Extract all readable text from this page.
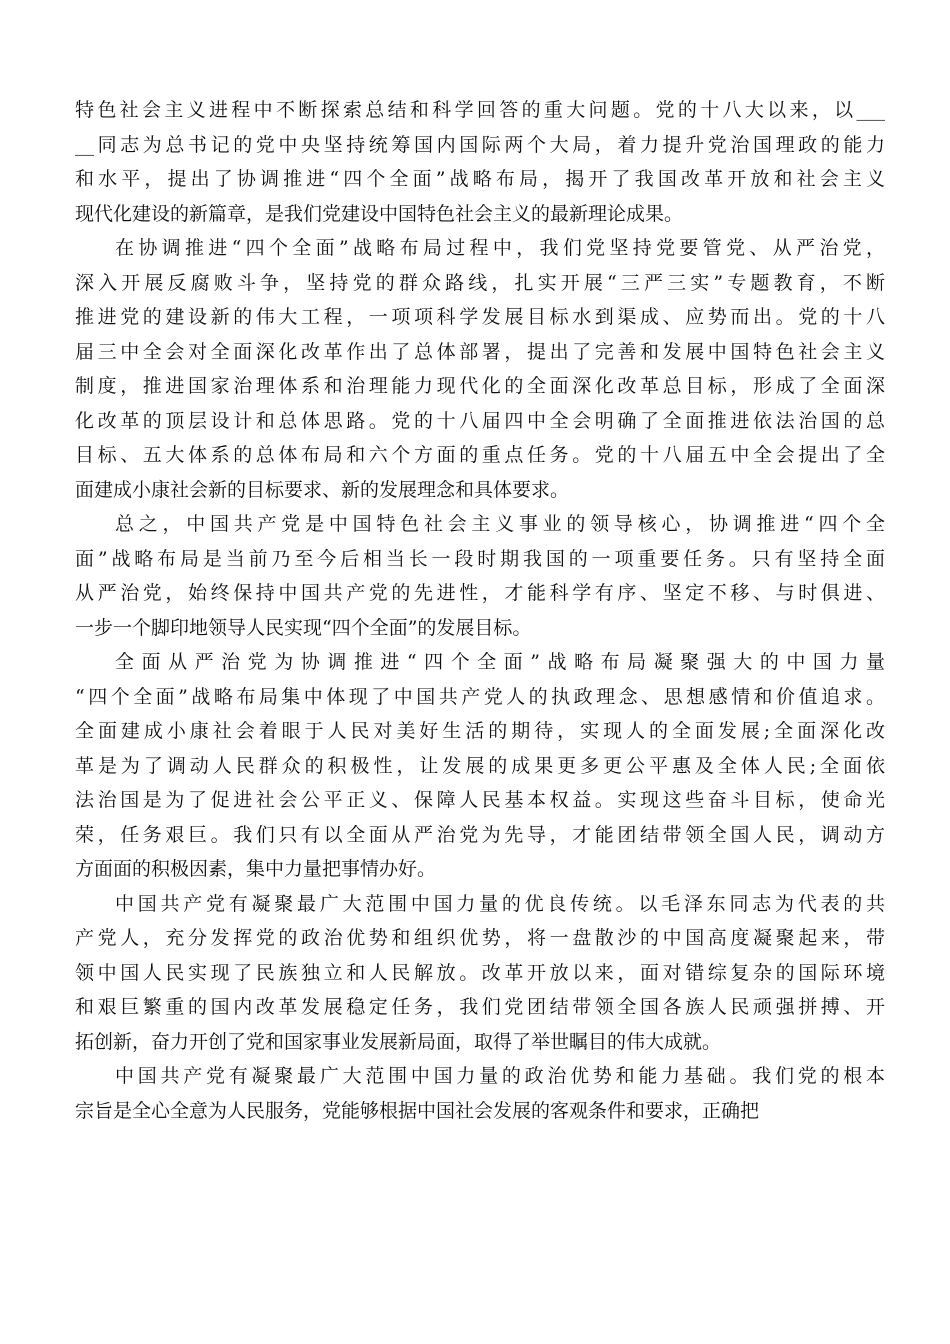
特色社会主义进程中不断探索总结和科学回答的重大问题。党的十八大以来，以___
__同志为总书记的党中央坚持统筹国内国际两个大局，着力提升党治国理政的能力
和水平，提出了协调推进“四个全面”战略布局，揭开了我国改革开放和社会主义
现代化建设的新篇章，是我们党建设中国特色社会主义的最新理论成果。
在协调推进“四个全面”战略布局过程中，我们党坚持党要管党、从严治党，
深入开展反腐败斗争，坚持党的群众路线，扎实开展“三严三实”专题教育，不断
推进党的建设新的伟大工程，一项项科学发展目标水到渠成、应势而出。党的十八
届三中全会对全面深化改革作出了总体部署，提出了完善和发展中国特色社会主义
制度，推进国家治理体系和治理能力现代化的全面深化改革总目标，形成了全面深
化改革的顶层设计和总体思路。党的十八届四中全会明确了全面推进依法治国的总
目标、五大体系的总体布局和六个方面的重点任务。党的十八届五中全会提出了全
面建成小康社会新的目标要求、新的发展理念和具体要求。
总之，中国共产党是中国特色社会主义事业的领导核心，协调推进“四个全
面”战略布局是当前乃至今后相当长一段时期我国的一项重要任务。只有坚持全面
从严治党，始终保持中国共产党的先进性，才能科学有序、坚定不移、与时俱进、
一步一个脚印地领导人民实现“四个全面”的发展目标。
全面从严治党为协调推进“四个全面”战略布局凝聚强大的中国力量
“四个全面”战略布局集中体现了中国共产党人的执政理念、思想感情和价值追求。
全面建成小康社会着眼于人民对美好生活的期待，实现人的全面发展;全面深化改
革是为了调动人民群众的积极性，让发展的成果更多更公平惠及全体人民;全面依
法治国是为了促进社会公平正义、保障人民基本权益。实现这些奋斗目标，使命光
荣，任务艰巨。我们只有以全面从严治党为先导，才能团结带领全国人民，调动方
方面面的积极因素，集中力量把事情办好。
中国共产党有凝聚最广大范围中国力量的优良传统。以毛泽东同志为代表的共
产党人，充分发挥党的政治优势和组织优势，将一盘散沙的中国高度凝聚起来，带
领中国人民实现了民族独立和人民解放。改革开放以来，面对错综复杂的国际环境
和艰巨繁重的国内改革发展稳定任务，我们党团结带领全国各族人民顽强拼搏、开
拓创新，奋力开创了党和国家事业发展新局面，取得了举世瞩目的伟大成就。
中国共产党有凝聚最广大范围中国力量的政治优势和能力基础。我们党的根本
宗旨是全心全意为人民服务，党能够根据中国社会发展的客观条件和要求，正确把
